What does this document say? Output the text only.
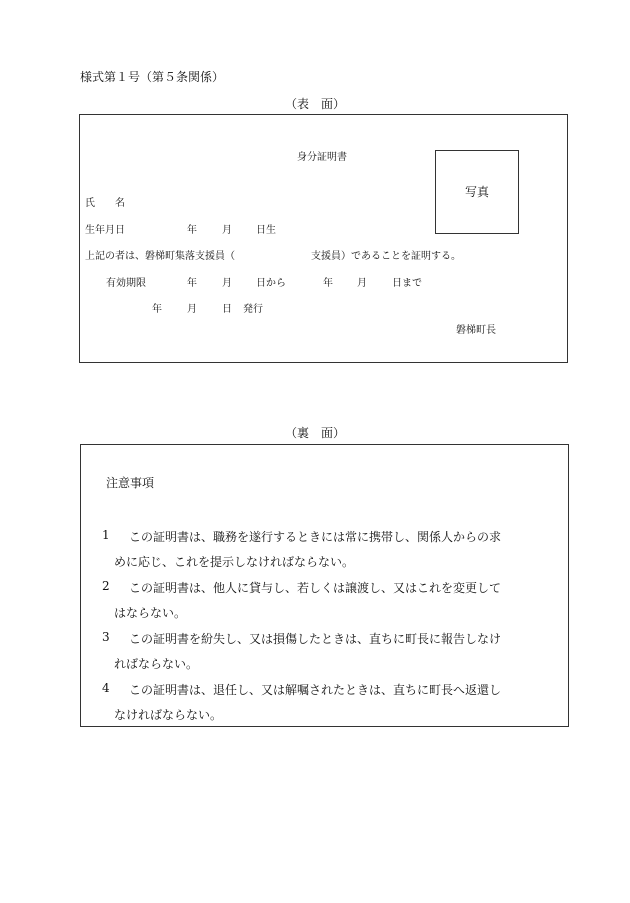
様式第１号（第５条関係）
（表　面）
身分証明書
写真
氏　　名
生年月日	年	月 日生
上記の者は、磐梯町集落支援員（	支援員）であることを証明する。
有効期限	年	月 日から	年 月	日まで
年	月	日 発行
磐梯町長
（裏　面）
注意事項
1 この証明書は、職務を遂行するときには常に携帯し、関係人からの求
めに応じ、これを提示しなければならない。
2 この証明書は、他人に貸与し、若しくは譲渡し、又はこれを変更して
はならない。
3 この証明書を紛失し、又は損傷したときは、直ちに町長に報告しなけ
ればならない。
4 この証明書は、退任し、又は解嘱されたときは、直ちに町長へ返還し
なければならない。
